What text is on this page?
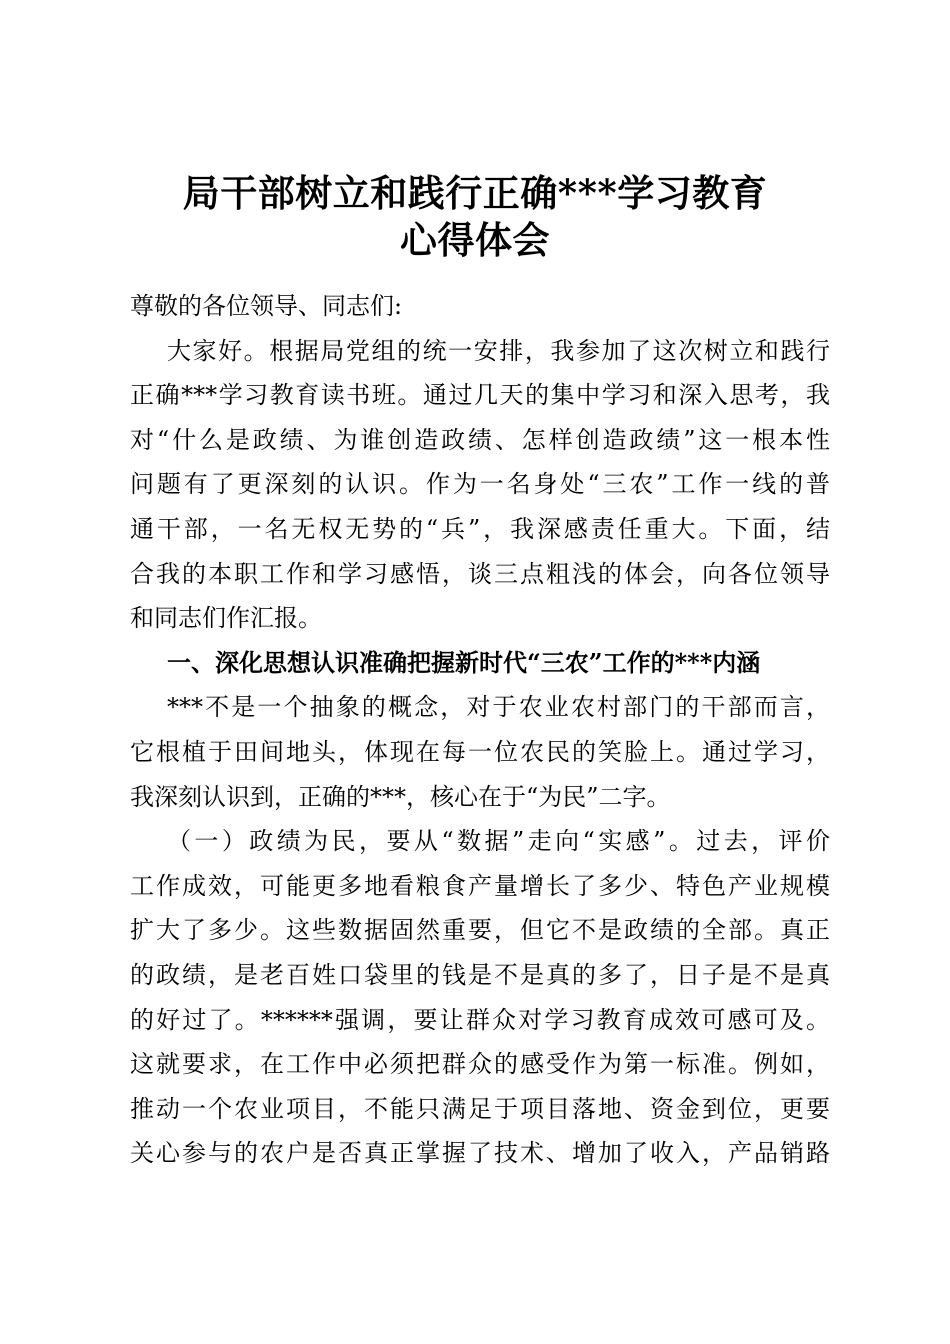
局干部树立和践行正确***学习教育
心得体会
尊敬的各位领导、同志们:
大家好。根据局党组的统一安排，我参加了这次树立和践行
正确***学习教育读书班。通过几天的集中学习和深入思考，我
对“什么是政绩、为谁创造政绩、怎样创造政绩”这一根本性
问题有了更深刻的认识。作为一名身处“三农”工作一线的普
通干部，一名无权无势的“兵”，我深感责任重大。下面，结
合我的本职工作和学习感悟，谈三点粗浅的体会，向各位领导
和同志们作汇报。
一、深化思想认识准确把握新时代“三农”工作的***内涵
***不是一个抽象的概念，对于农业农村部门的干部而言，
它根植于田间地头，体现在每一位农民的笑脸上。通过学习，
我深刻认识到，正确的***，核心在于“为民”二字。
（一）政绩为民，要从“数据”走向“实感”。过去，评价
工作成效，可能更多地看粮食产量增长了多少、特色产业规模
扩大了多少。这些数据固然重要，但它不是政绩的全部。真正
的政绩，是老百姓口袋里的钱是不是真的多了，日子是不是真
的好过了。******强调，要让群众对学习教育成效可感可及。
这就要求，在工作中必须把群众的感受作为第一标准。例如，
推动一个农业项目，不能只满足于项目落地、资金到位，更要
关心参与的农户是否真正掌握了技术、增加了收入，产品销路
